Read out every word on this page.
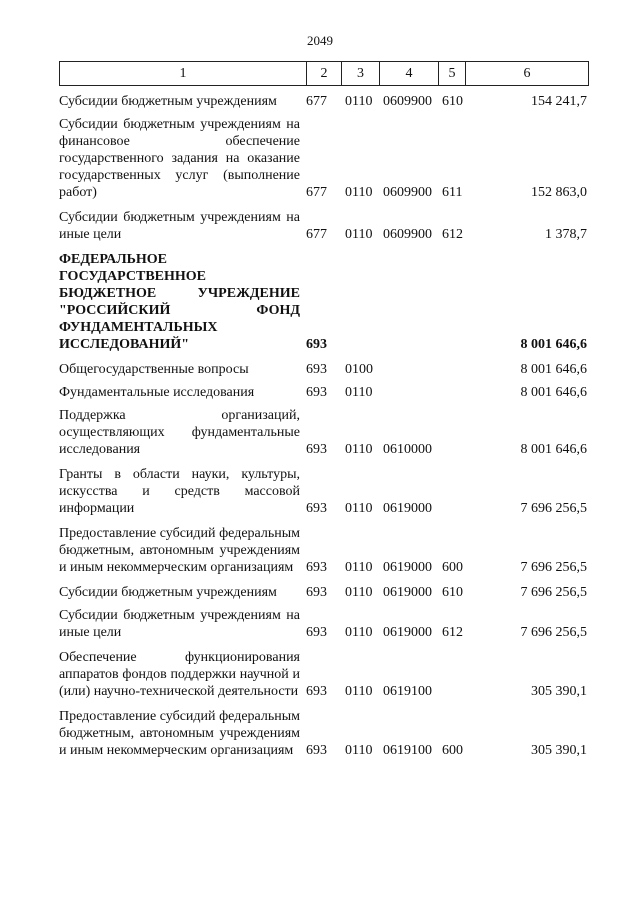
2049
1	2	3	4	5	6
Субсидии бюджетным учреждениям	677	0110 0609900 610	154 241,7
Субсидии бюджетным учреждениям на финансовое обеспечение государственного задания на оказание государственных услуг (выполнение работ)	677	0110 0609900 611	152 863,0
Субсидии бюджетным учреждениям на иные цели	677	0110 0609900 612	1 378,7
ФЕДЕРАЛЬНОЕ ГОСУДАРСТВЕННОЕ БЮДЖЕТНОЕ УЧРЕЖДЕНИЕ "РОССИЙСКИЙ ФОНД ФУНДАМЕНТАЛЬНЫХ ИССЛЕДОВАНИЙ"	693	8 001 646,6
Общегосударственные вопросы	693	0100	8 001 646,6
Фундаментальные исследования	693	0110	8 001 646,6
Поддержка организаций, осуществляющих фундаментальные исследования	693	0110 0610000	8 001 646,6
Гранты в области науки, культуры, искусства и средств массовой информации	693	0110 0619000	7 696 256,5
Предоставление субсидий федеральным бюджетным, автономным учреждениям и иным некоммерческим организациям 693	0110 0619000 600	7 696 256,5
Субсидии бюджетным учреждениям	693	0110 0619000 610	7 696 256,5
Субсидии бюджетным учреждениям на иные цели	693	0110 0619000 612	7 696 256,5
Обеспечение функционирования аппаратов фондов поддержки научной и (или) научно-технической деятельности 693	0110 0619100	305 390,1
Предоставление субсидий федеральным бюджетным, автономным учреждениям и иным некоммерческим организациям 693	0110 0619100 600	305 390,1
